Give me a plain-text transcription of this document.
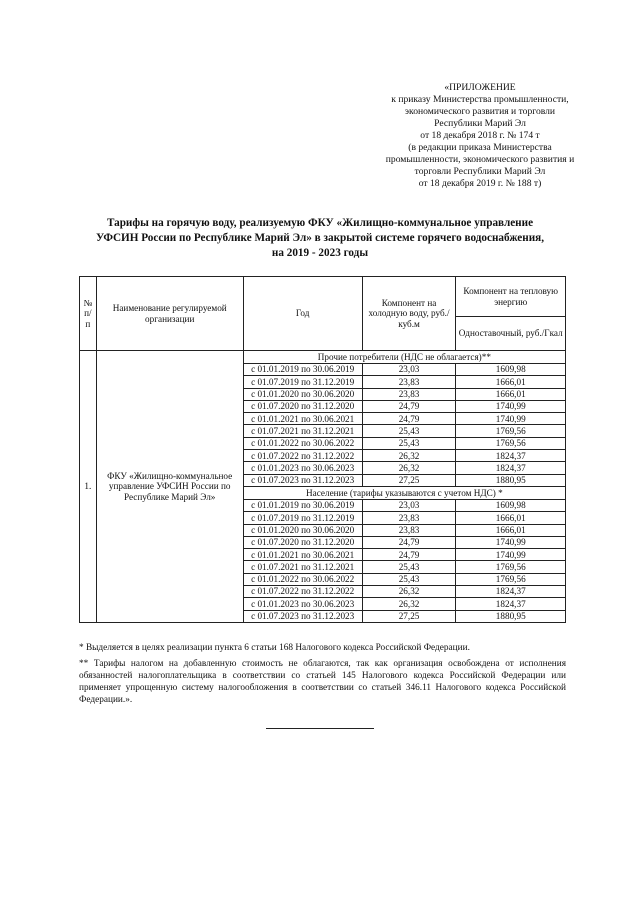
«ПРИЛОЖЕНИЕ
к приказу Министерства промышленности,
экономического развития и торговли
Республики Марий Эл
от 18 декабря 2018 г. № 174 т
(в редакции приказа Министерства
промышленности, экономического развития и
торговли Республики Марий Эл
от 18 декабря 2019 г. № 188 т)
Тарифы на горячую воду, реализуемую ФКУ «Жилищно-коммунальное управление
УФСИН России по Республике Марий Эл» в закрытой системе горячего водоснабжения,
на 2019 - 2023 годы
№ п/п	Наименование регулируемой организации	Год	Компонент на холодную воду, руб./куб.м	Компонент на тепловую энергию
				Одноставочный, руб./Гкал
1.	ФКУ «Жилищно-коммунальное управление УФСИН России по Республике Марий Эл»	Прочие потребители (НДС не облагается)**		
		с 01.01.2019 по 30.06.2019	23,03	1609,98
		с 01.07.2019 по 31.12.2019	23,83	1666,01
		с 01.01.2020 по 30.06.2020	23,83	1666,01
		с 01.07.2020 по 31.12.2020	24,79	1740,99
		с 01.01.2021 по 30.06.2021	24,79	1740,99
		с 01.07.2021 по 31.12.2021	25,43	1769,56
		с 01.01.2022 по 30.06.2022	25,43	1769,56
		с 01.07.2022 по 31.12.2022	26,32	1824,37
		с 01.01.2023 по 30.06.2023	26,32	1824,37
		с 01.07.2023 по 31.12.2023	27,25	1880,95
		Население (тарифы указываются с учетом НДС) *		
		с 01.01.2019 по 30.06.2019	23,03	1609,98
		с 01.07.2019 по 31.12.2019	23,83	1666,01
		с 01.01.2020 по 30.06.2020	23,83	1666,01
		с 01.07.2020 по 31.12.2020	24,79	1740,99
		с 01.01.2021 по 30.06.2021	24,79	1740,99
		с 01.07.2021 по 31.12.2021	25,43	1769,56
		с 01.01.2022 по 30.06.2022	25,43	1769,56
		с 01.07.2022 по 31.12.2022	26,32	1824,37
		с 01.01.2023 по 30.06.2023	26,32	1824,37
		с 01.07.2023 по 31.12.2023	27,25	1880,95
* Выделяется в целях реализации пункта 6 статьи 168 Налогового кодекса Российской Федерации.
** Тарифы налогом на добавленную стоимость не облагаются, так как организация освобождена от исполнения обязанностей налогоплательщика в соответствии со статьей 145 Налогового кодекса Российской Федерации или применяет упрощенную систему налогообложения в соответствии со статьей 346.11 Налогового кодекса Российской Федерации.».
